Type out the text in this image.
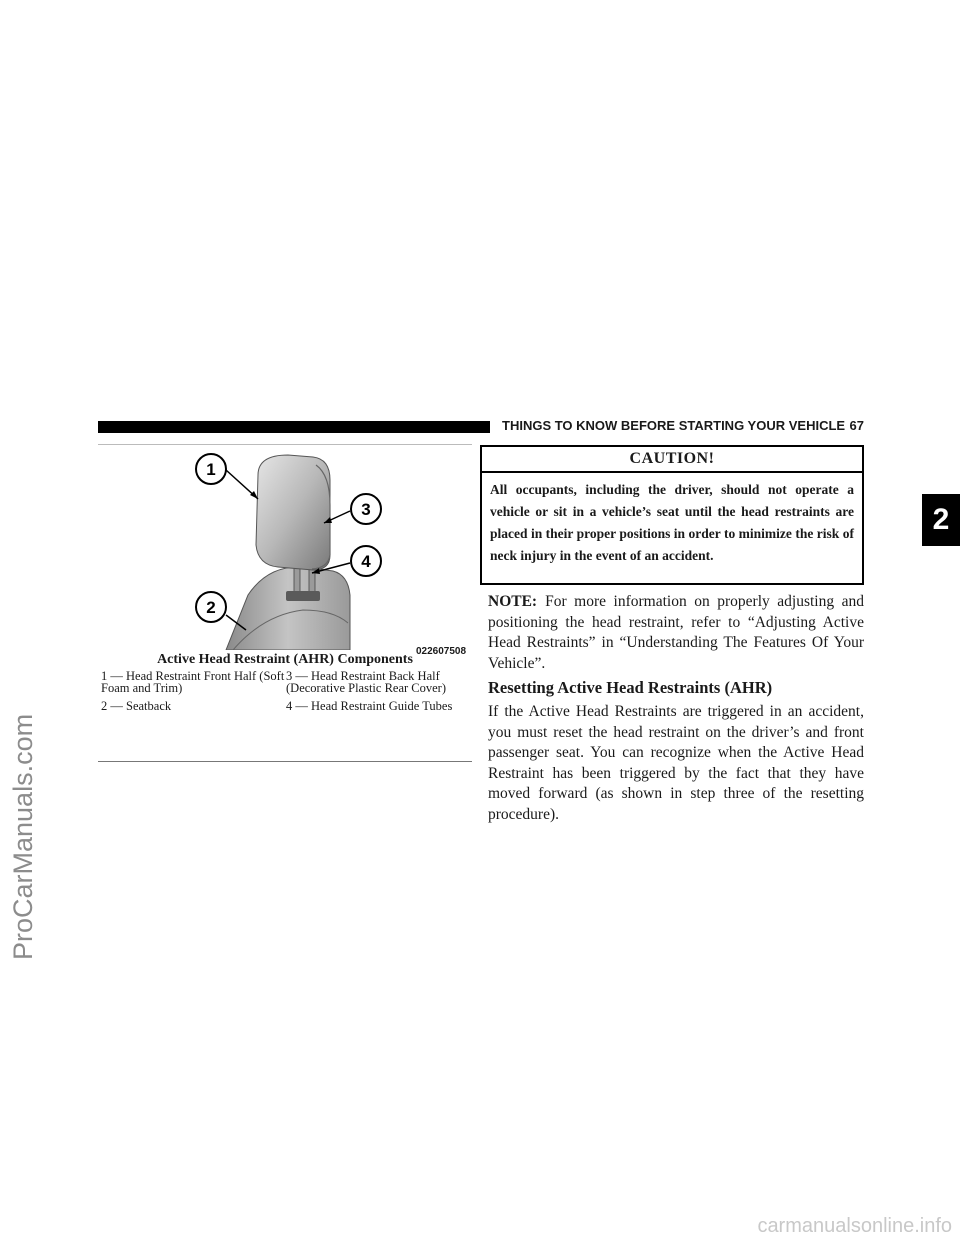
ProCarManuals.com
carmanualsonline.info
THINGS TO KNOW BEFORE STARTING YOUR VEHICLE 67
2
1
3
4
2
022607508
Active Head Restraint (AHR) Components
1 — Head Restraint Front Half (Soft Foam and Trim)
3 — Head Restraint Back Half (Decorative Plastic Rear Cover)
2 — Seatback	4 — Head Restraint Guide Tubes
CAUTION!
All occupants, including the driver, should not operate a vehicle or sit in a vehicle’s seat until the head restraints are placed in their proper positions in order to minimize the risk of neck injury in the event of an accident.
NOTE: For more information on properly adjusting and positioning the head restraint, refer to “Adjusting Active Head Restraints” in “Understanding The Features Of Your Vehicle”.
Resetting Active Head Restraints (AHR)
If the Active Head Restraints are triggered in an accident, you must reset the head restraint on the driver’s and front passenger seat. You can recognize when the Active Head Restraint has been triggered by the fact that they have moved forward (as shown in step three of the resetting procedure).
